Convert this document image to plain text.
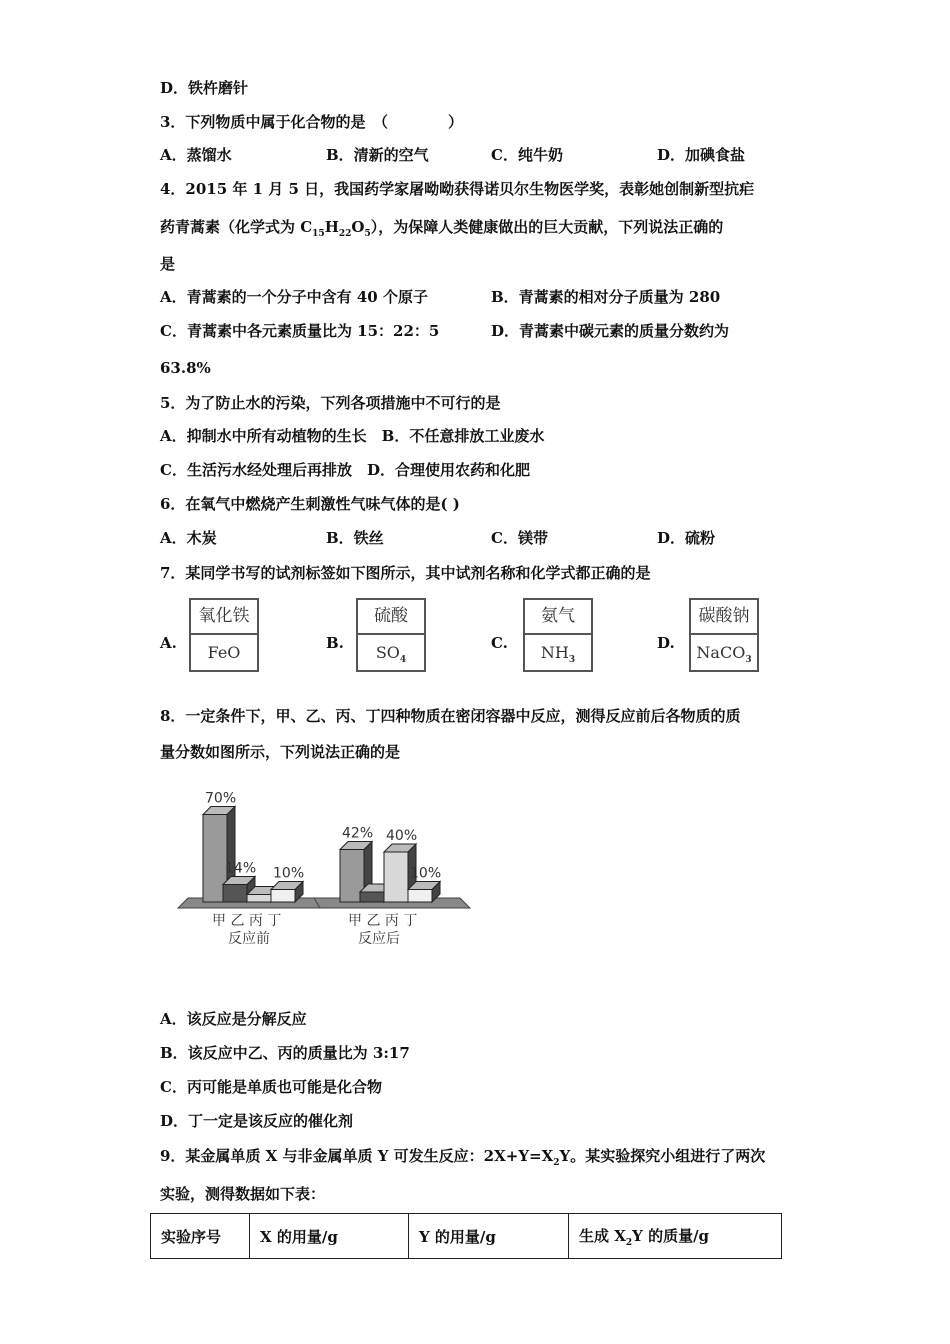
D．铁杵磨针
3．下列物质中属于化合物的是　（　　　　）
A．蒸馏水	B．清新的空气	C．纯牛奶	D．加碘食盐
4．2015 年 1 月 5 日，我国药学家屠呦呦获得诺贝尔生物医学奖，表彰她创制新型抗疟
药青蒿素（化学式为 $C_{15}H_{22}O_5$），为保障人类健康做出的巨大贡献，下列说法正确的
是
A．青蒿素的一个分子中含有 40 个原子	B．青蒿素的相对分子质量为 280
C．青蒿素中各元素质量比为 15：22：5	D．青蒿素中碳元素的质量分数约为
63.8%
5．为了防止水的污染，下列各项措施中不可行的是
A．抑制水中所有动植物的生长　B．不任意排放工业废水
C．生活污水经处理后再排放　D．合理使用农药和化肥
6．在氧气中燃烧产生刺激性气味气体的是( )
A．木炭	B．铁丝	C．镁带	D．硫粉
7．某同学书写的试剂标签如下图所示，其中试剂名称和化学式都正确的是
A.
氧化铁
FeO	B.
硫酸
$SO_4$
C.
氨气
$NH_3$
D.
碳酸钠
NaCO$_3$
8．一定条件下，甲、乙、丙、丁四种物质在密闭容器中反应，测得反应前后各物质的质
量分数如图所示，下列说法正确的是
70%
14% 10%
42% 40%
10%
甲 乙 丙 丁	甲 乙 丙 丁
反应前	反应后
A．该反应是分解反应
B．该反应中乙、丙的质量比为 3:17
C．丙可能是单质也可能是化合物
D．丁一定是该反应的催化剂
9．某金属单质 X 与非金属单质 Y 可发生反应：$2X+Y=X_2Y$。某实验探究小组进行了两次
实验，测得数据如下表：
实验序号	X 的用量/g	Y 的用量/g	生成 $X_2Y$ 的质量/g
